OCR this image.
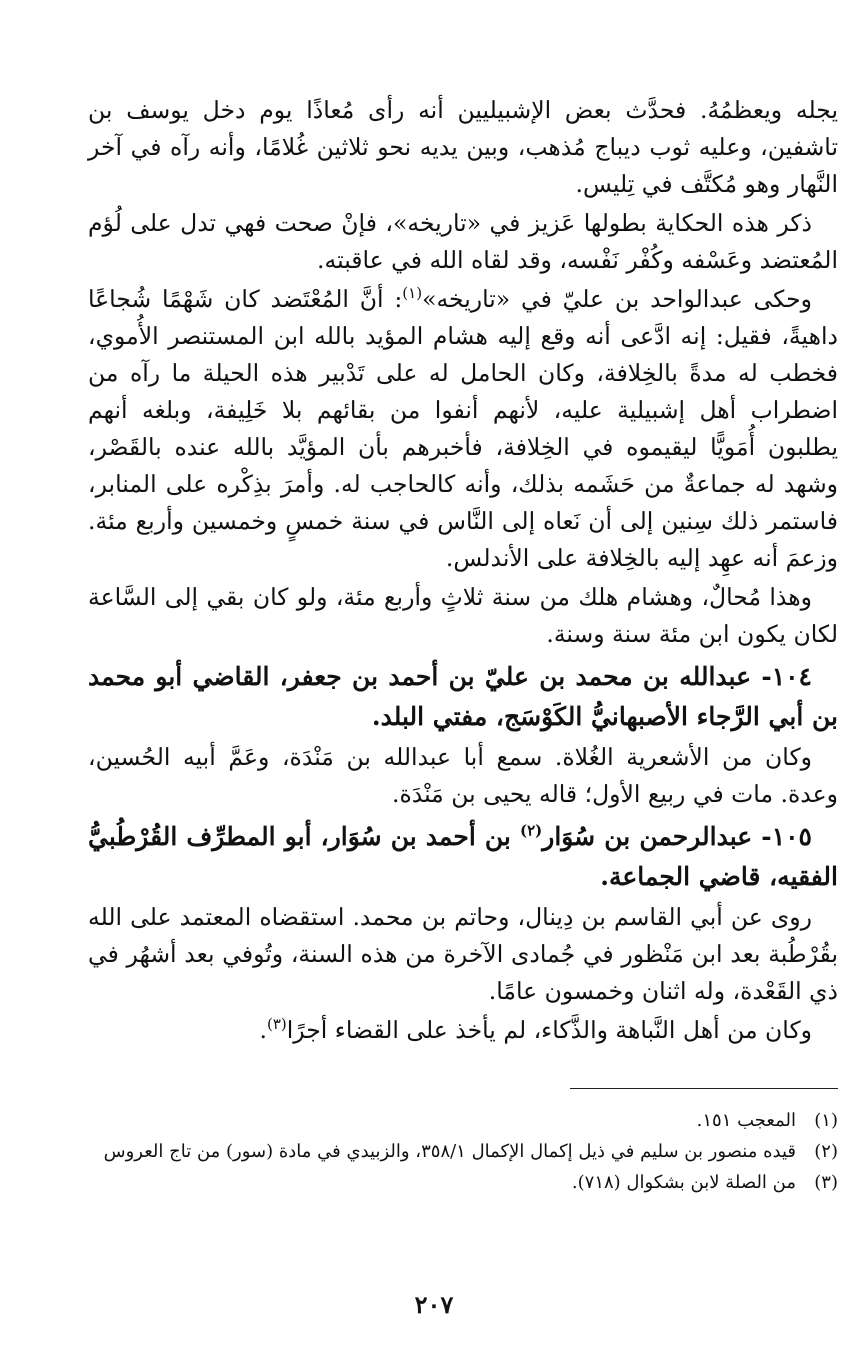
يجله ويعظمُهُ. فحدَّث بعض الإشبيليين أنه رأى مُعاذًا يوم دخل يوسف بن تاشفين، وعليه ثوب ديباج مُذهب، وبين يديه نحو ثلاثين غُلامًا، وأنه رآه في آخر النَّهار وهو مُكتَّف في تِليس.

ذكر هذه الحكاية بطولها عَزيز في «تاريخه»، فإنْ صحت فهي تدل على لُؤم المُعتضد وعَسْفه وكُفْر نَفْسه، وقد لقاه الله في عاقبته.

وحكى عبدالواحد بن عليّ في «تاريخه»$^{(١)}$: أنَّ المُعْتَضد كان شَهْمًا شُجاعًا داهيةً، فقيل: إنه ادَّعى أنه وقع إليه هشام المؤيد بالله ابن المستنصر الأُموي، فخطب له مدةً بالخِلافة، وكان الحامل له على تَدْبير هذه الحيلة ما رآه من اضطراب أهل إشبيلية عليه، لأنهم أنفوا من بقائهم بلا خَلِيفة، وبلغه أنهم يطلبون أُمَويًّا ليقيموه في الخِلافة، فأخبرهم بأن المؤيَّد بالله عنده بالقَصْر، وشهد له جماعةٌ من حَشَمه بذلك، وأنه كالحاجب له. وأمرَ بذِكْره على المنابر، فاستمر ذلك سِنين إلى أن نَعاه إلى النَّاس في سنة خمسٍ وخمسين وأربع مئة. وزعمَ أنه عهِد إليه بالخِلافة على الأندلس.

وهذا مُحالٌ، وهشام هلك من سنة ثلاثٍ وأربع مئة، ولو كان بقي إلى السَّاعة لكان يكون ابن مئة سنة وسنة.

١٠٤- عبدالله بن محمد بن عليّ بن أحمد بن جعفر، القاضي أبو محمد بن أبي الرَّجاء الأصبهانيُّ الكَوْسَج، مفتي البلد.

وكان من الأشعرية الغُلاة. سمع أبا عبدالله بن مَنْدَة، وعَمَّ أبيه الحُسين، وعدة. مات في ربيع الأول؛ قاله يحيى بن مَنْدَة.

١٠٥- عبدالرحمن بن سُوَار$^{(٢)}$ بن أحمد بن سُوَار، أبو المطرِّف القُرْطُبيُّ الفقيه، قاضي الجماعة.

روى عن أبي القاسم بن دِينال، وحاتم بن محمد. استقضاه المعتمد على الله بقُرْطُبة بعد ابن مَنْظور في جُمادى الآخرة من هذه السنة، وتُوفي بعد أشهُر في ذي القَعْدة، وله اثنان وخمسون عامًا.

وكان من أهل النَّباهة والذَّكاء، لم يأخذ على القضاء أجرًا$^{(٣)}$.

(١)
المعجب ١٥١.
(٢)
قيده منصور بن سليم في ذيل إكمال الإكمال ٣٥٨/١، والزبيدي في مادة (سور) من تاج العروس
(٣)
من الصلة لابن بشكوال (٧١٨).
٢٠٧
